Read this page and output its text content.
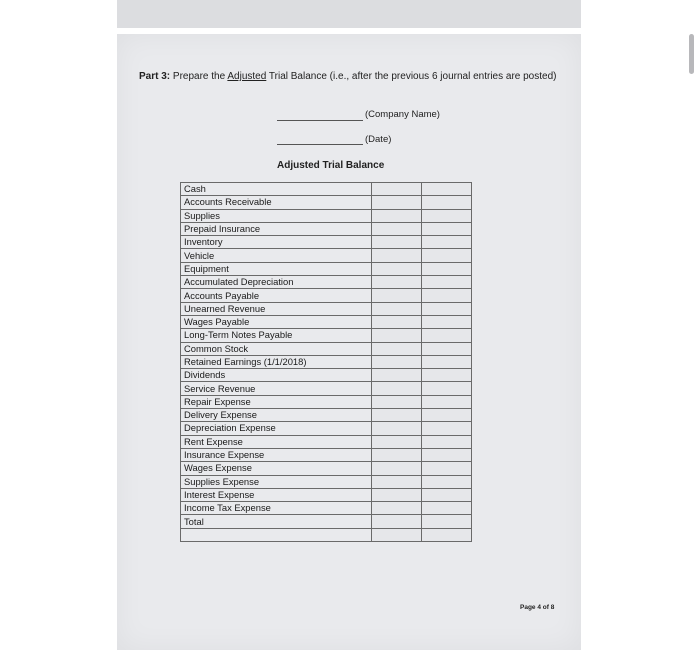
Part 3: Prepare the Adjusted Trial Balance (i.e., after the previous 6 journal entries are posted)
(Company Name)
(Date)
Adjusted Trial Balance
Cash		
Accounts Receivable		
Supplies		
Prepaid Insurance		
Inventory		
Vehicle		
Equipment		
Accumulated Depreciation		
Accounts Payable		
Unearned Revenue		
Wages Payable		
Long-Term Notes Payable		
Common Stock		
Retained Earnings (1/1/2018)		
Dividends		
Service Revenue		
Repair Expense		
Delivery Expense		
Depreciation Expense		
Rent Expense		
Insurance Expense		
Wages Expense		
Supplies Expense		
Interest Expense		
Income Tax Expense		
Total		

Page 4 of 8
